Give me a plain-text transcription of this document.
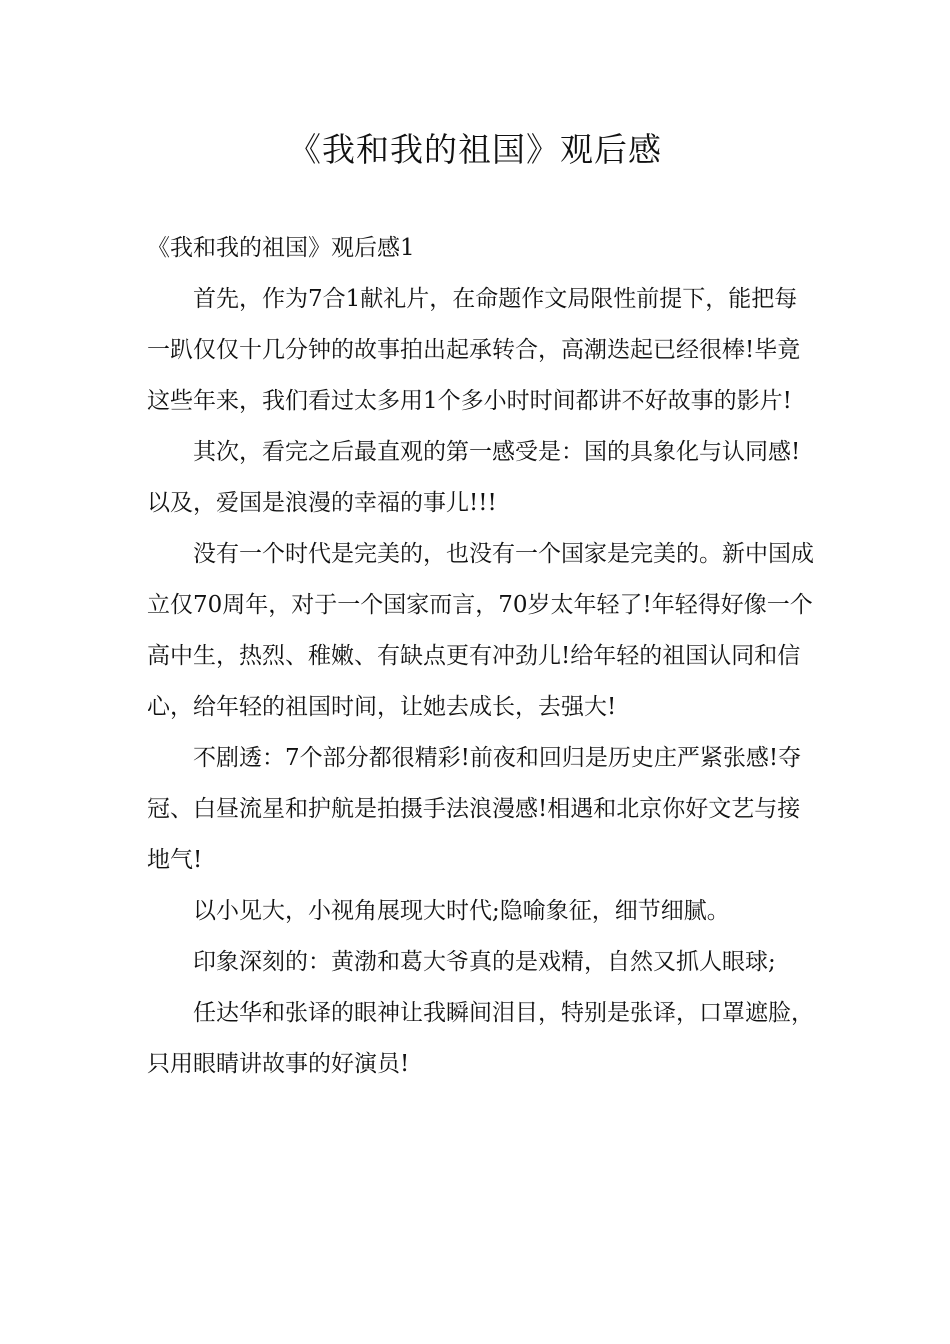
《我和我的祖国》观后感

《我和我的祖国》观后感1

首先，作为7合1献礼片，在命题作文局限性前提下，能把每一趴仅仅十几分钟的故事拍出起承转合，高潮迭起已经很棒!毕竟这些年来，我们看过太多用1个多小时时间都讲不好故事的影片!

其次，看完之后最直观的第一感受是：国的具象化与认同感!以及，爱国是浪漫的幸福的事儿!!!

没有一个时代是完美的，也没有一个国家是完美的。新中国成立仅70周年，对于一个国家而言，70岁太年轻了!年轻得好像一个高中生，热烈、稚嫩、有缺点更有冲劲儿!给年轻的祖国认同和信心，给年轻的祖国时间，让她去成长，去强大!

不剧透：7个部分都很精彩!前夜和回归是历史庄严紧张感!夺冠、白昼流星和护航是拍摄手法浪漫感!相遇和北京你好文艺与接地气!

以小见大，小视角展现大时代;隐喻象征，细节细腻。

印象深刻的：黄渤和葛大爷真的是戏精，自然又抓人眼球;

任达华和张译的眼神让我瞬间泪目，特别是张译，口罩遮脸，只用眼睛讲故事的好演员!
